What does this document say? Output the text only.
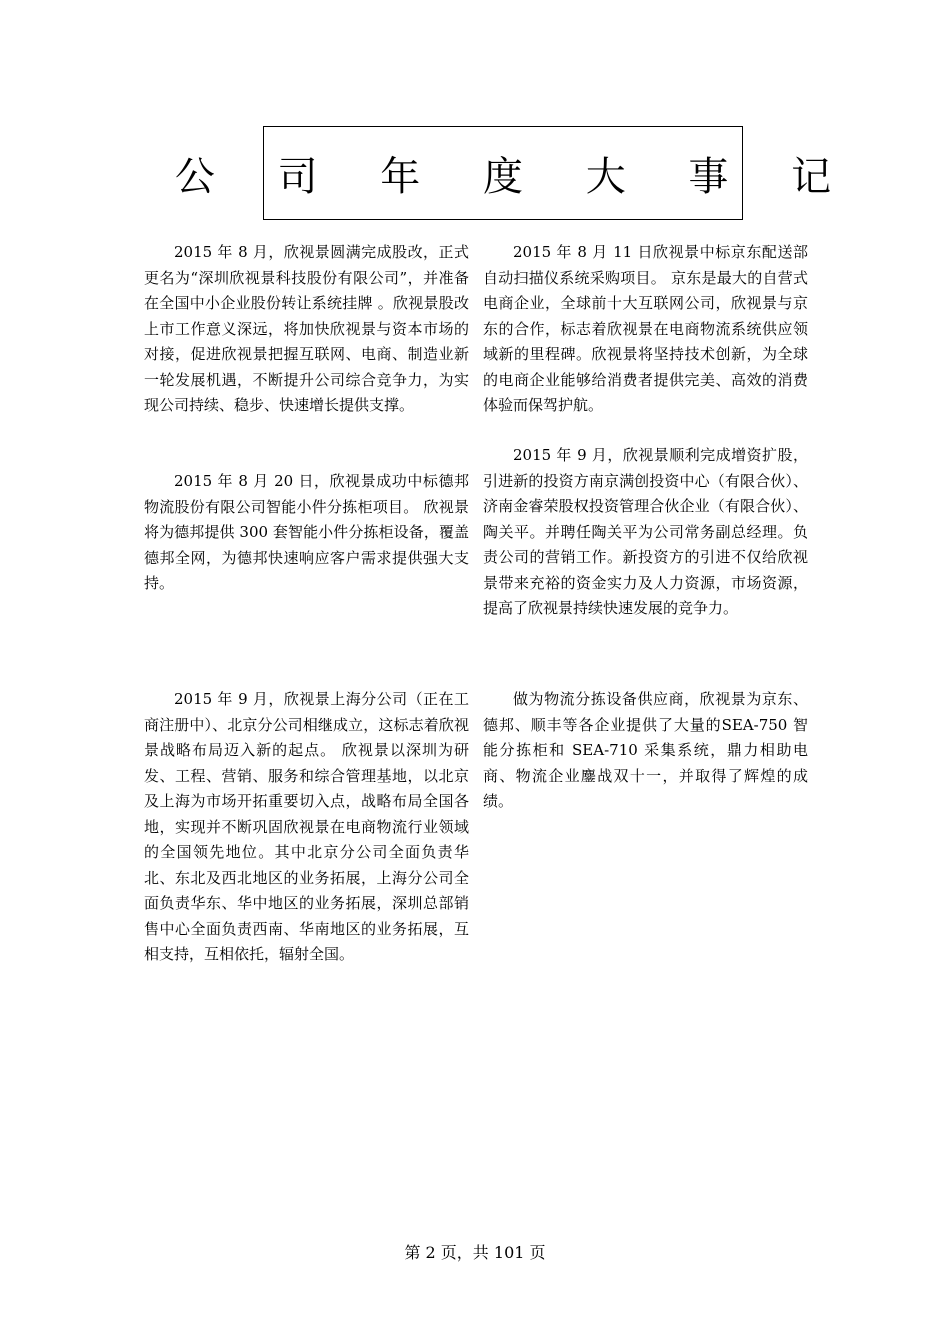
公 司 年 度 大 事 记

2015 年 8 月，欣视景圆满完成股改，正式更名为“深圳欣视景科技股份有限公司”，并准备在全国中小企业股份转让系统挂牌 。欣视景股改上市工作意义深远，将加快欣视景与资本市场的对接，促进欣视景把握互联网、电商、制造业新一轮发展机遇，不断提升公司综合竞争力，为实现公司持续、稳步、快速增长提供支撑。

2015 年 8 月 20 日，欣视景成功中标德邦物流股份有限公司智能小件分拣柜项目。 欣视景将为德邦提供 300 套智能小件分拣柜设备，覆盖德邦全网，为德邦快速响应客户需求提供强大支持。

2015 年 8 月 11 日欣视景中标京东配送部自动扫描仪系统采购项目。 京东是最大的自营式电商企业，全球前十大互联网公司，欣视景与京东的合作，标志着欣视景在电商物流系统供应领域新的里程碑。欣视景将坚持技术创新，为全球的电商企业能够给消费者提供完美、高效的消费体验而保驾护航。

2015 年 9 月，欣视景顺利完成增资扩股，引进新的投资方南京满创投资中心（有限合伙）、济南金睿荣股权投资管理合伙企业（有限合伙）、陶关平。并聘任陶关平为公司常务副总经理。负责公司的营销工作。新投资方的引进不仅给欣视景带来充裕的资金实力及人力资源，市场资源，提高了欣视景持续快速发展的竞争力。

2015 年 9 月，欣视景上海分公司（正在工商注册中）、北京分公司相继成立，这标志着欣视景战略布局迈入新的起点。 欣视景以深圳为研发、工程、营销、服务和综合管理基地，以北京及上海为市场开拓重要切入点，战略布局全国各地，实现并不断巩固欣视景在电商物流行业领域的全国领先地位。其中北京分公司全面负责华北、东北及西北地区的业务拓展，上海分公司全面负责华东、华中地区的业务拓展，深圳总部销售中心全面负责西南、华南地区的业务拓展，互相支持，互相依托，辐射全国。

做为物流分拣设备供应商，欣视景为京东、德邦、顺丰等各企业提供了大量的SEA-750 智能分拣柜和 SEA-710 采集系统，鼎力相助电商、物流企业鏖战双十一，并取得了辉煌的成绩。

第 2 页，共 101 页
